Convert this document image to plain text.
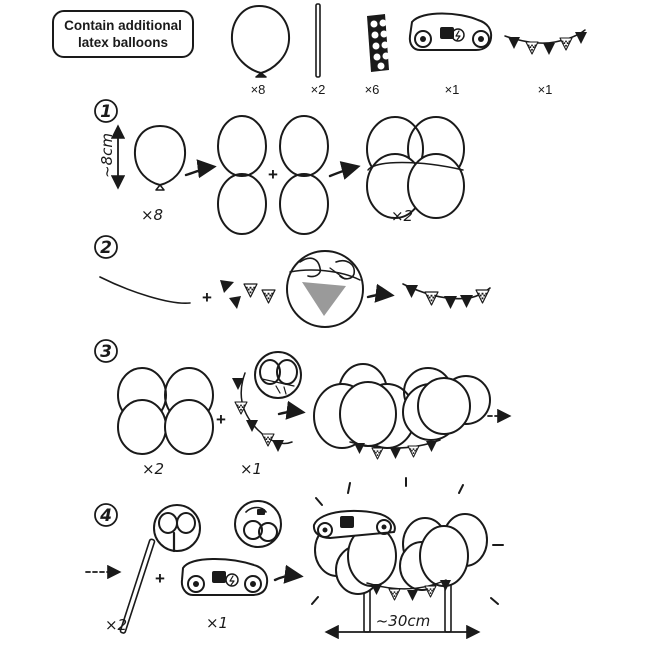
Contain additional
latex balloons
+
+
+
+
×8	×2	×6	×1	×1
1
2
3
4
~8cm
×8	×2
×2	×1
×2	×1	~30cm
